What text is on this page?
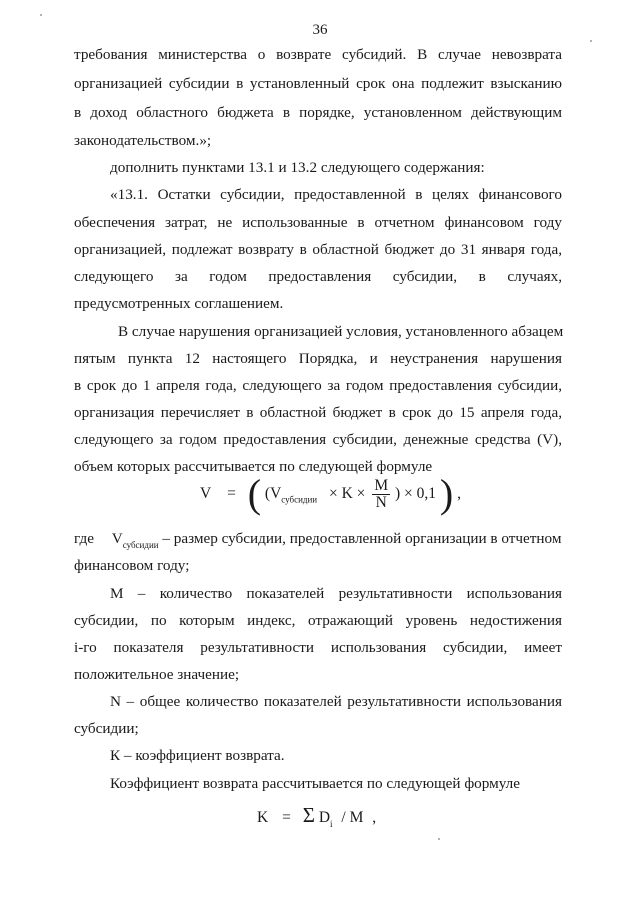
36
требования министерства о возврате субсидий. В случае невозврата
организацией субсидии в установленный срок она подлежит взысканию
в доход областного бюджета в порядке, установленном действующим
законодательством.»;
дополнить пунктами 13.1 и 13.2 следующего содержания:
«13.1. Остатки субсидии, предоставленной в целях финансового
обеспечения затрат, не использованные в отчетном финансовом году
организацией, подлежат возврату в областной бюджет до 31 января года,
следующего за годом предоставления субсидии, в случаях,
предусмотренных соглашением.
В случае нарушения организацией условия, установленного абзацем
пятым пункта 12 настоящего Порядка, и неустранения нарушения
в срок до 1 апреля года, следующего за годом предоставления субсидии,
организация перечисляет в областной бюджет в срок до 15 апреля года,
следующего за годом предоставления субсидии, денежные средства (V),
объем которых рассчитывается по следующей формуле
V = ( ($V_{субсидии} \times K \times \frac{M}{N}$ ) × 0,1 ) ,
где $V_{субсидии}$ – размер субсидии, предоставленной организации в отчетном
финансовом году;
М – количество показателей результативности использования
субсидии, по которым индекс, отражающий уровень недостижения
i-го показателя результативности использования субсидии, имеет
положительное значение;
N – общее количество показателей результативности использования
субсидии;
К – коэффициент возврата.
Коэффициент возврата рассчитывается по следующей формуле
K = Σ $D_i$ / M ,
